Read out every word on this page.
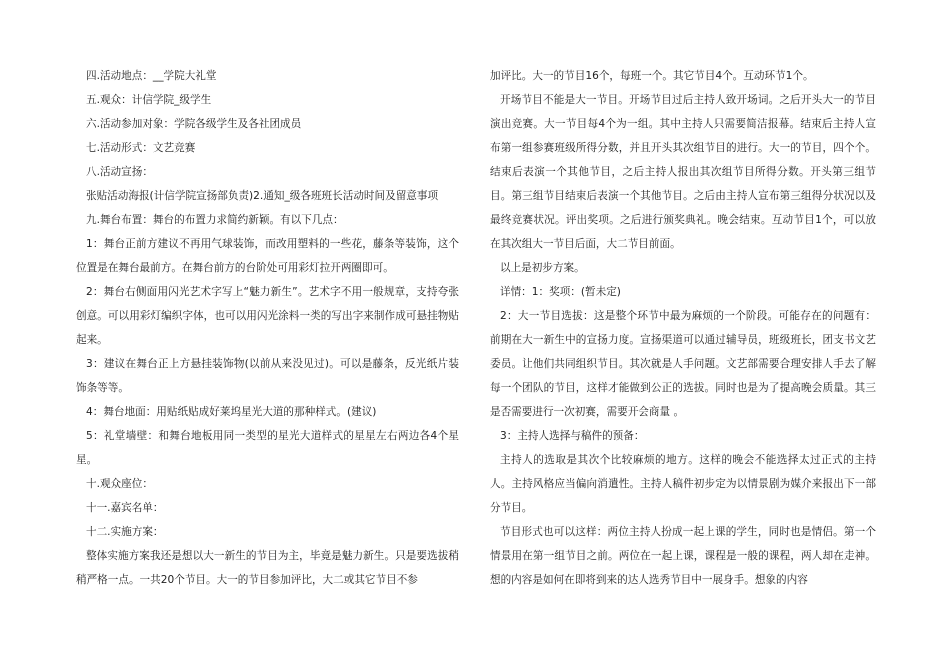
四.活动地点：__学院大礼堂

五.观众：计信学院_级学生

六.活动参加对象：学院各级学生及各社团成员

七.活动形式：文艺竞赛

八.活动宣扬：

张贴活动海报(计信学院宣扬部负责)2.通知_级各班班长活动时间及留意事项

九.舞台布置：舞台的布置力求简约新颖。有以下几点：

1：舞台正前方建议不再用气球装饰，而改用塑料的一些花，藤条等装饰，这个位置是在舞台最前方。在舞台前方的台阶处可用彩灯拉开两圈即可。

2：舞台右侧面用闪光艺术字写上“魅力新生”。艺术字不用一般规章，支持夸张创意。可以用彩灯编织字体，也可以用闪光涂料一类的写出字来制作成可悬挂物贴起来。

3：建议在舞台正上方悬挂装饰物(以前从来没见过)。可以是藤条，反光纸片装饰条等等。

4：舞台地面：用贴纸贴成好莱坞星光大道的那种样式。(建议)

5：礼堂墙壁：和舞台地板用同一类型的星光大道样式的星星左右两边各4个星星。

十.观众座位：

十一.嘉宾名单：

十二.实施方案：

整体实施方案我还是想以大一新生的节目为主，毕竟是魅力新生。只是要选拔稍稍严格一点。一共20个节目。大一的节目参加评比，大二或其它节目不参

加评比。大一的节目16个，每班一个。其它节目4个。互动环节1个。

开场节目不能是大一节目。开场节目过后主持人致开场词。之后开头大一的节目演出竞赛。大一节目每4个为一组。其中主持人只需要简洁报幕。结束后主持人宣布第一组参赛班级所得分数，并且开头其次组节目的进行。大一的节目，四个个。结束后表演一个其他节目，之后主持人报出其次组节目所得分数。开头第三组节目。第三组节目结束后表演一个其他节目。之后由主持人宣布第三组得分状况以及最终竞赛状况。评出奖项。之后进行颁奖典礼。晚会结束。互动节目1个，可以放在其次组大一节目后面，大二节目前面。

以上是初步方案。

详情：1：奖项：(暂未定)

2：大一节目选拔：这是整个环节中最为麻烦的一个阶段。可能存在的问题有：前期在大一新生中的宣扬力度。宣扬渠道可以通过辅导员，班级班长，团支书文艺委员。让他们共同组织节目。其次就是人手问题。文艺部需要合理安排人手去了解每一个团队的节目，这样才能做到公正的选拔。同时也是为了提高晚会质量。其三是否需要进行一次初赛，需要开会商量 。

3：主持人选择与稿件的预备：

主持人的选取是其次个比较麻烦的地方。这样的晚会不能选择太过正式的主持人。主持风格应当偏向消遣性。主持人稿件初步定为以情景剧为媒介来报出下一部分节目。

节目形式也可以这样：两位主持人扮成一起上课的学生，同时也是情侣。第一个情景用在第一组节目之前。两位在一起上课，课程是一般的课程，两人却在走神。想的内容是如何在即将到来的达人选秀节目中一展身手。想象的内容
